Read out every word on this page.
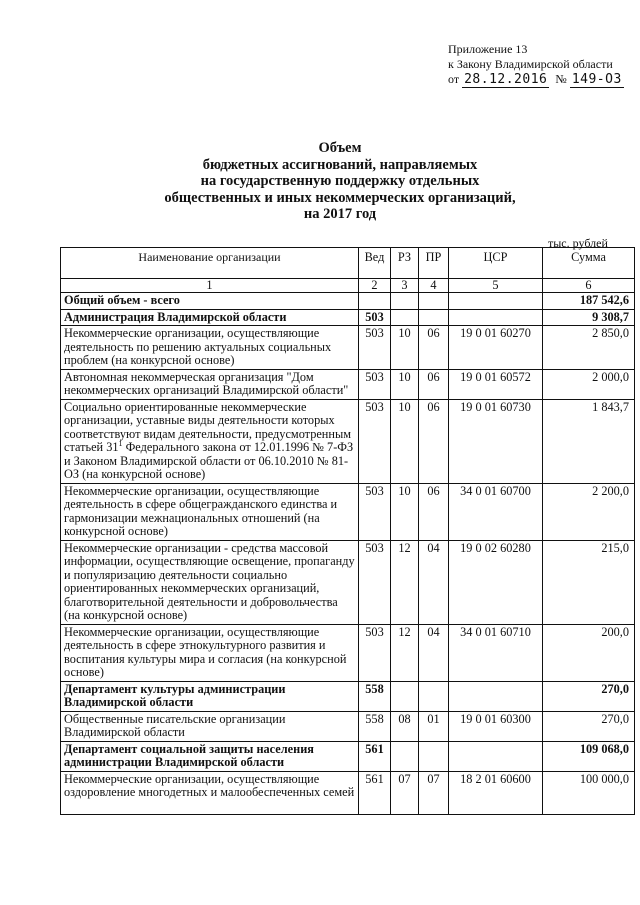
Приложение 13
к Закону Владимирской области
от 28.12.2016 № 149-ОЗ
Объем
бюджетных ассигнований, направляемых
на государственную поддержку отдельных
общественных и иных некоммерческих организаций,
на 2017 год
тыс. рублей
Наименование организации	Вед	РЗ	ПР	ЦСР	Сумма
1	2	3	4	5	6
Общий объем - всего					187 542,6
Администрация Владимирской области	503				9 308,7
Некоммерческие организации, осуществляющие деятельность по решению актуальных социальных проблем (на конкурсной основе)	503	10	06	19 0 01 60270	2 850,0
Автономная некоммерческая организация "Дом некоммерческих организаций Владимирской области"	503	10	06	19 0 01 60572	2 000,0
Социально ориентированные некоммерческие организации, уставные виды деятельности которых соответствуют видам деятельности, предусмотренным статьей $31^1$ Федерального закона от 12.01.1996 № 7-ФЗ и Законом Владимирской области от 06.10.2010 № 81-ОЗ (на конкурсной основе)	503	10	06	19 0 01 60730	1 843,7
Некоммерческие организации, осуществляющие деятельность в сфере общегражданского единства и гармонизации межнациональных отношений (на конкурсной основе)	503	10	06	34 0 01 60700	2 200,0
Некоммерческие организации - средства массовой информации, осуществляющие освещение, пропаганду и популяризацию деятельности социально ориентированных некоммерческих организаций, благотворительной деятельности и добровольчества (на конкурсной основе)	503	12	04	19 0 02 60280	215,0
Некоммерческие организации, осуществляющие деятельность в сфере этнокультурного развития и воспитания культуры мира и согласия (на конкурсной основе)	503	12	04	34 0 01 60710	200,0
Департамент культуры администрации Владимирской области	558				270,0
Общественные писательские организации Владимирской области	558	08	01	19 0 01 60300	270,0
Департамент социальной защиты населения администрации Владимирской области	561				109 068,0
Некоммерческие организации, осуществляющие оздоровление многодетных и малообеспеченных семей	561	07	07	18 2 01 60600	100 000,0
